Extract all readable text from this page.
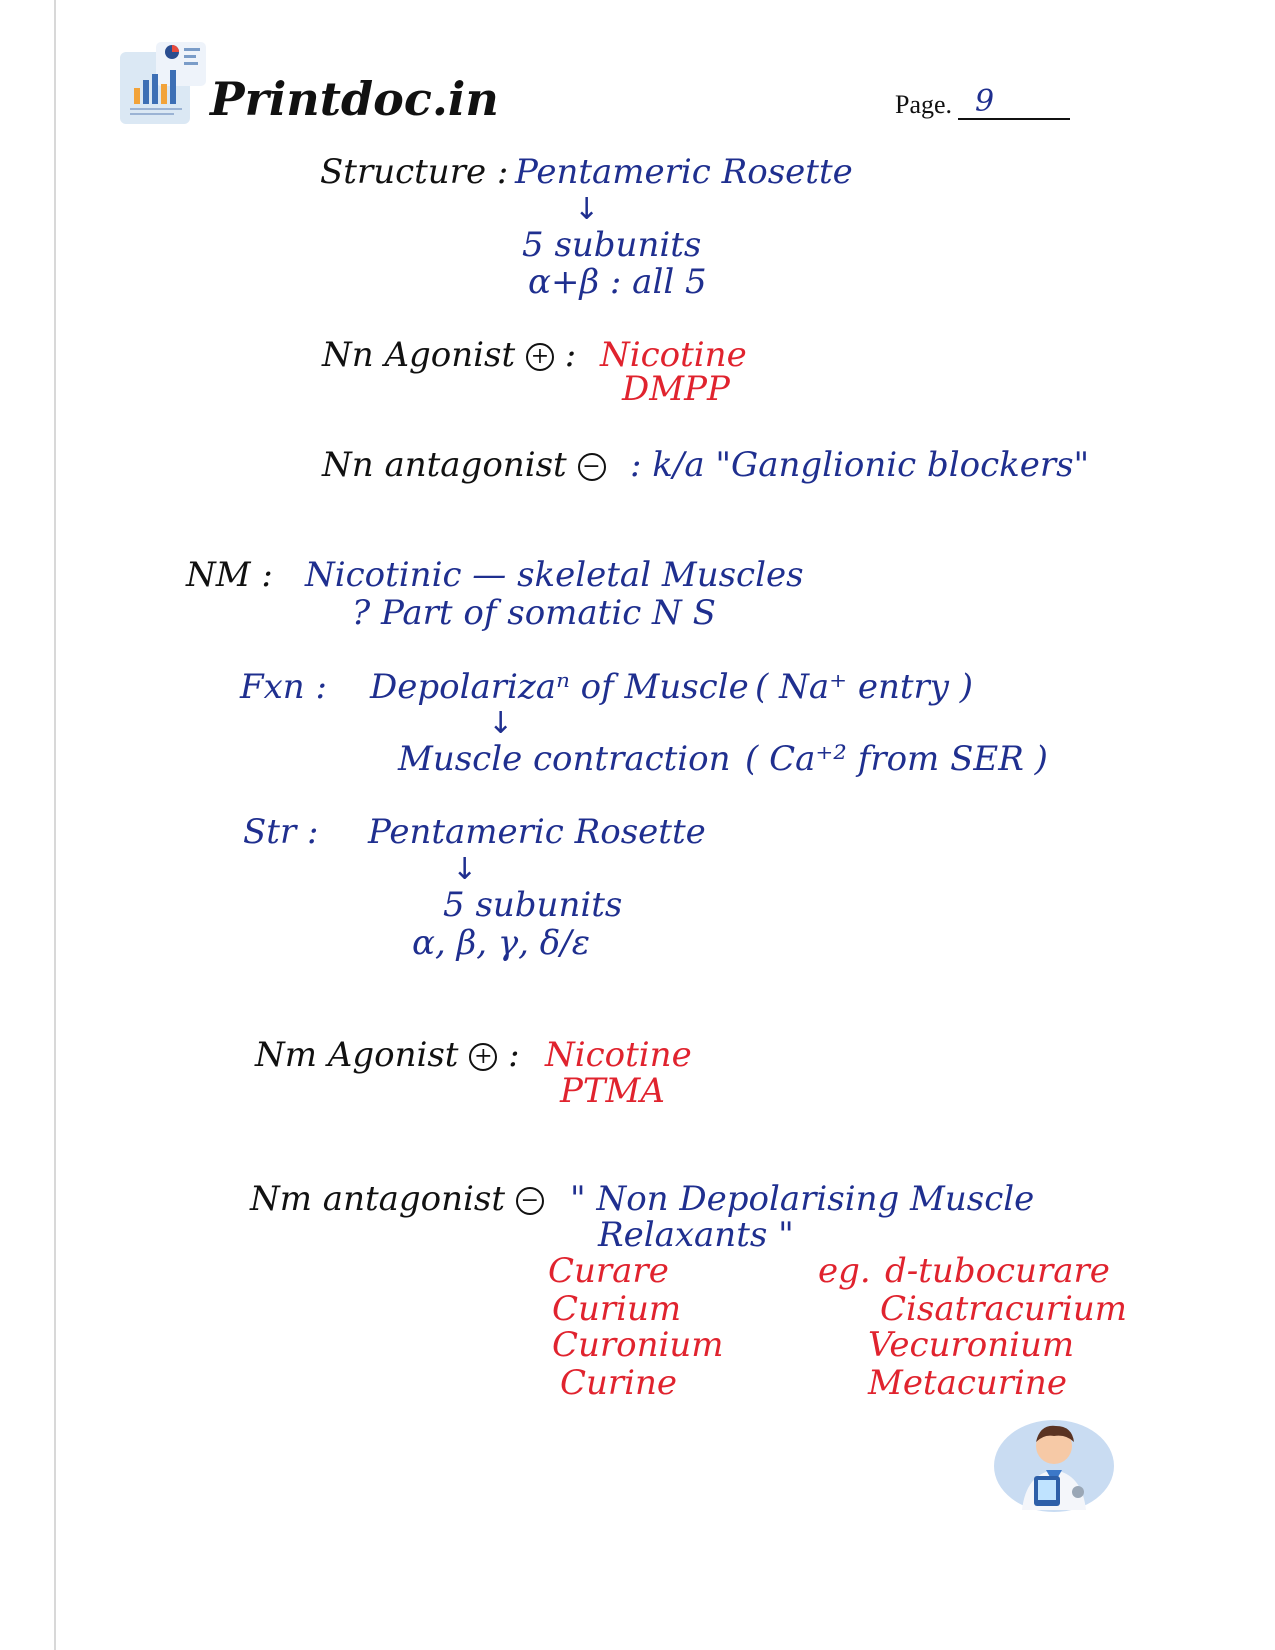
Printdoc.in	Page. 9
Structure : Pentameric Rosette
↓
5 subunits
α+β : all 5
Nn Agonist + : Nicotine
DMPP
Nn antagonist − : k/a "Ganglionic blockers"
NM : Nicotinic — skeletal Muscles
? Part of somatic N S
Fxn : Depolarizaⁿ of Muscle ( Na⁺ entry )
↓
Muscle contraction ( Ca⁺² from SER )
Str : Pentameric Rosette
↓
5 subunits
α, β, γ, δ/ε
Nm Agonist + : Nicotine
PTMA
Nm antagonist − " Non Depolarising Muscle
Relaxants "
Curare
Curium
Curonium
Curine
eg. d-tubocurare
Cisatracurium
Vecuronium
Metacurine
